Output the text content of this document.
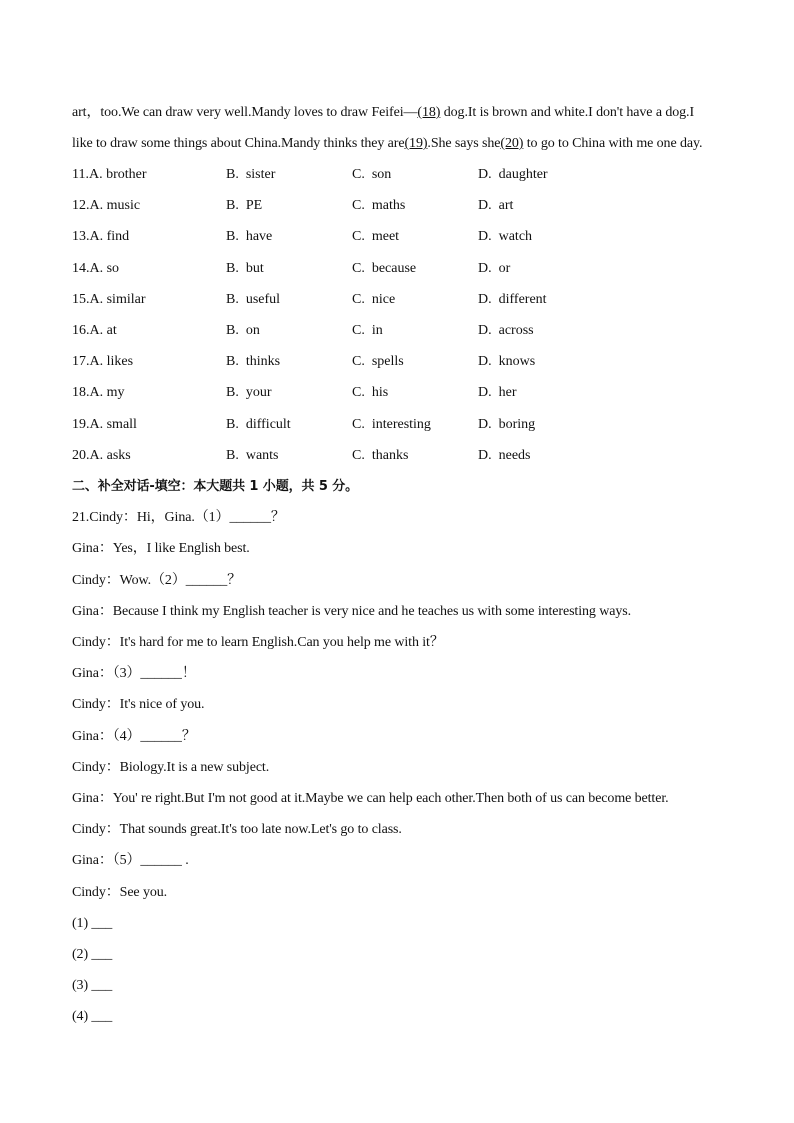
art，too.We can draw very well.Mandy loves to draw Feifei—(18) dog.It is brown and white.I don't have a dog.I
like to draw some things about China.Mandy thinks they are(19).She says she(20) to go to China with me one day.
11.A. brother	B.  sister	C.  son	D.  daughter
12.A. music	B.  PE	C.  maths	D.  art
13.A. find	B.  have	C.  meet	D.  watch
14.A. so	B.  but	C.  because	D.  or
15.A. similar	B.  useful	C.  nice	D.  different
16.A. at	B.  on	C.  in	D.  across
17.A. likes	B.  thinks	C.  spells	D.  knows
18.A. my	B.  your	C.  his	D.  her
19.A. small	B.  difficult	C.  interesting	D.  boring
20.A. asks	B.  wants	C.  thanks	D.  needs
二、补全对话-填空：本大题共 1 小题，共 5 分。
21.Cindy：Hi，Gina.（1）______？
Gina：Yes，I like English best.
Cindy：Wow.（2）______？
Gina：Because I think my English teacher is very nice and he teaches us with some interesting ways.
Cindy：It's hard for me to learn English.Can you help me with it？
Gina：（3）______！
Cindy：It's nice of you.
Gina：（4）______？
Cindy：Biology.It is a new subject.
Gina：You' re right.But I'm not good at it.Maybe we can help each other.Then both of us can become better.
Cindy：That sounds great.It's too late now.Let's go to class.
Gina：（5）______ .
Cindy：See you.
(1) ___
(2) ___
(3) ___
(4) ___
